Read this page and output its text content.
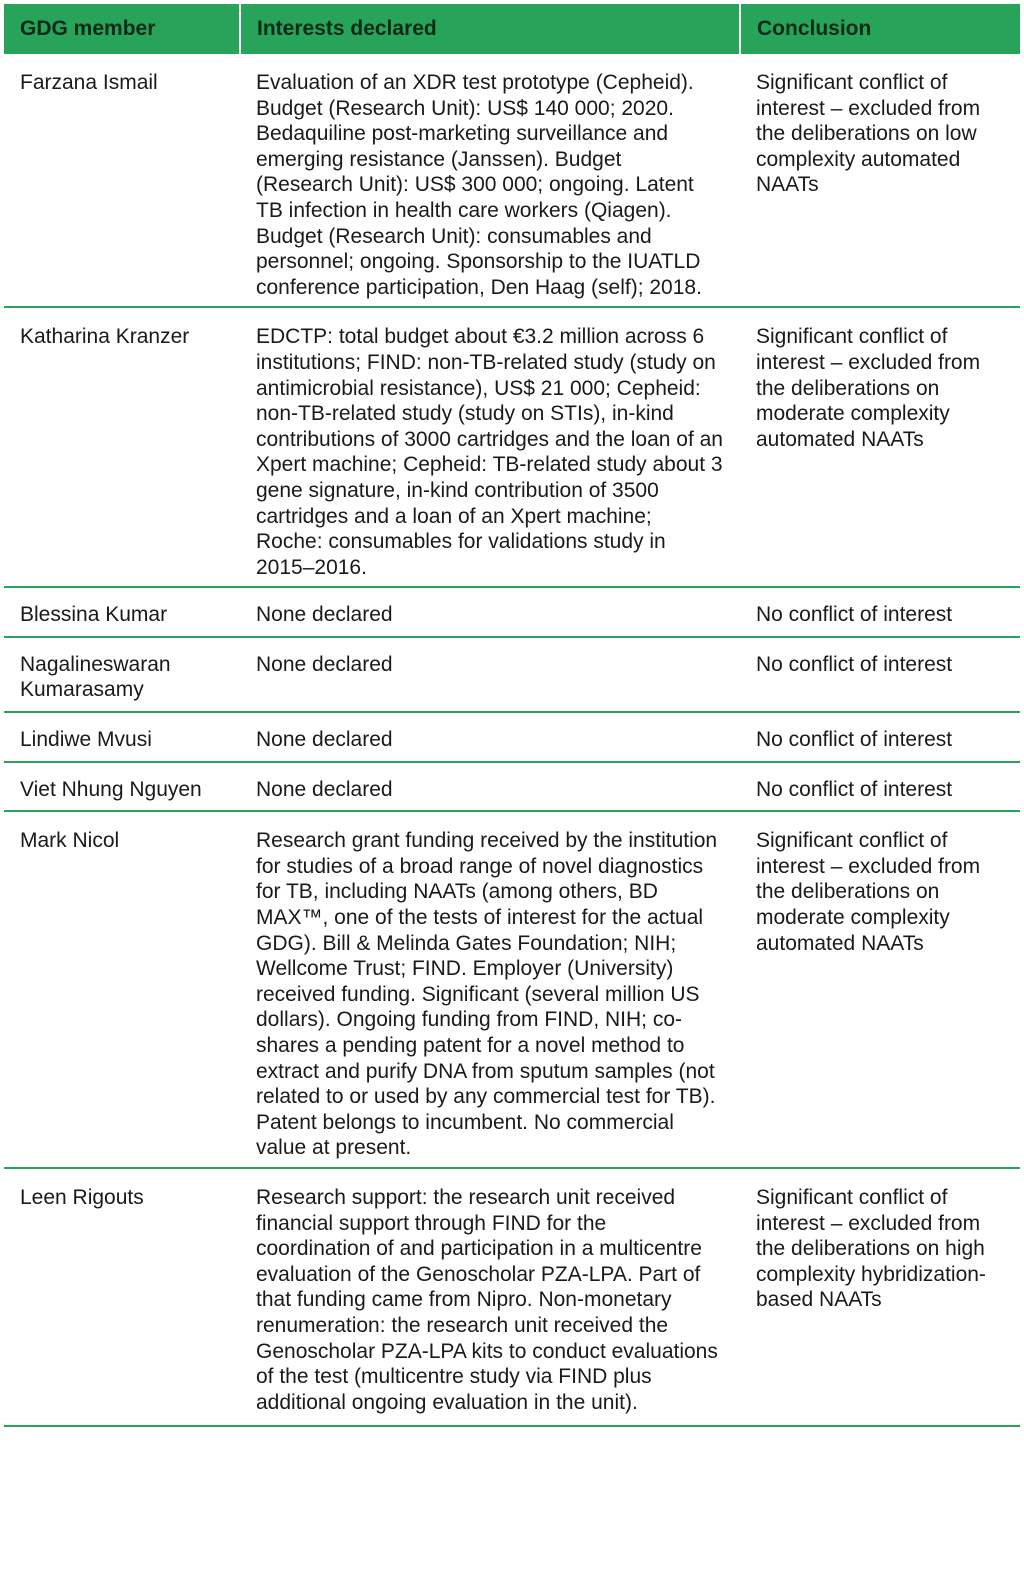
GDG member	Interests declared	Conclusion
Farzana Ismail	Evaluation of an XDR test prototype (Cepheid). Budget (Research Unit): US$ 140 000; 2020. Bedaquiline post-marketing surveillance and emerging resistance (Janssen). Budget (Research Unit): US$ 300 000; ongoing. Latent TB infection in health care workers (Qiagen). Budget (Research Unit): consumables and personnel; ongoing. Sponsorship to the IUATLD conference participation, Den Haag (self); 2018.	Significant conflict of interest – excluded from the deliberations on low complexity automated NAATs
Katharina Kranzer	EDCTP: total budget about €3.2 million across 6 institutions; FIND: non-TB-related study (study on antimicrobial resistance), US$ 21 000; Cepheid: non-TB-related study (study on STIs), in-kind contributions of 3000 cartridges and the loan of an Xpert machine; Cepheid: TB-related study about 3 gene signature, in-kind contribution of 3500 cartridges and a loan of an Xpert machine; Roche: consumables for validations study in 2015–2016.	Significant conflict of interest – excluded from the deliberations on moderate complexity automated NAATs
Blessina Kumar	None declared	No conflict of interest
Nagalineswaran Kumarasamy	None declared	No conflict of interest
Lindiwe Mvusi	None declared	No conflict of interest
Viet Nhung Nguyen	None declared	No conflict of interest
Mark Nicol	Research grant funding received by the institution for studies of a broad range of novel diagnostics for TB, including NAATs (among others, BD MAX™, one of the tests of interest for the actual GDG). Bill & Melinda Gates Foundation; NIH; Wellcome Trust; FIND. Employer (University) received funding. Significant (several million US dollars). Ongoing funding from FIND, NIH; co-shares a pending patent for a novel method to extract and purify DNA from sputum samples (not related to or used by any commercial test for TB). Patent belongs to incumbent. No commercial value at present.	Significant conflict of interest – excluded from the deliberations on moderate complexity automated NAATs
Leen Rigouts	Research support: the research unit received financial support through FIND for the coordination of and participation in a multicentre evaluation of the Genoscholar PZA-LPA. Part of that funding came from Nipro. Non-monetary renumeration: the research unit received the Genoscholar PZA-LPA kits to conduct evaluations of the test (multicentre study via FIND plus additional ongoing evaluation in the unit).	Significant conflict of interest – excluded from the deliberations on high complexity hybridization-based NAATs
